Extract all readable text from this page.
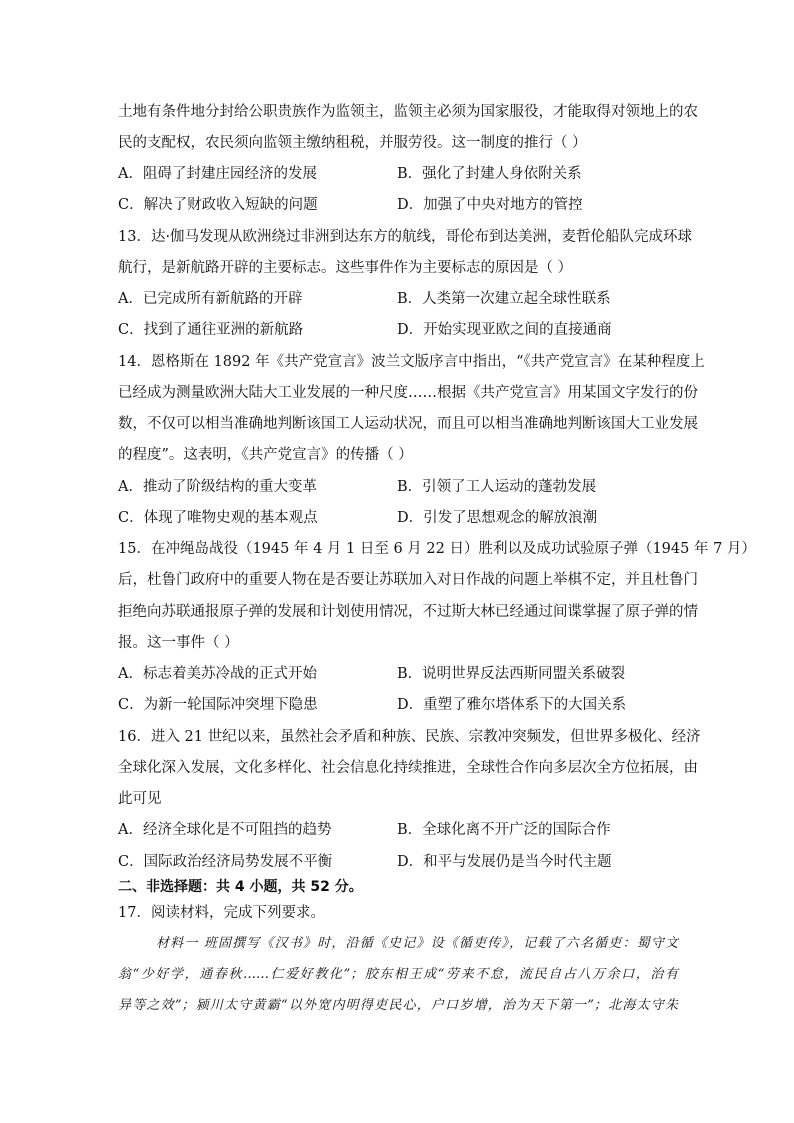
土地有条件地分封给公职贵族作为监领主，监领主必须为国家服役，才能取得对领地上的农
民的支配权，农民须向监领主缴纳租税，并服劳役。这一制度的推行（ ）
A．阻碍了封建庄园经济的发展	B．强化了封建人身依附关系
C．解决了财政收入短缺的问题	D．加强了中央对地方的管控
13．达·伽马发现从欧洲绕过非洲到达东方的航线，哥伦布到达美洲，麦哲伦船队完成环球
航行，是新航路开辟的主要标志。这些事件作为主要标志的原因是（ ）
A．已完成所有新航路的开辟	B．人类第一次建立起全球性联系
C．找到了通往亚洲的新航路	D．开始实现亚欧之间的直接通商
14．恩格斯在 1892 年《共产党宣言》波兰文版序言中指出，“《共产党宣言》在某种程度上
已经成为测量欧洲大陆大工业发展的一种尺度……根据《共产党宣言》用某国文字发行的份
数，不仅可以相当准确地判断该国工人运动状况，而且可以相当准确地判断该国大工业发展
的程度”。这表明，《共产党宣言》的传播（ ）
A．推动了阶级结构的重大变革	B．引领了工人运动的蓬勃发展
C．体现了唯物史观的基本观点	D．引发了思想观念的解放浪潮
15．在冲绳岛战役（1945 年 4 月 1 日至 6 月 22 日）胜利以及成功试验原子弹（1945 年 7 月）
后，杜鲁门政府中的重要人物在是否要让苏联加入对日作战的问题上举棋不定，并且杜鲁门
拒绝向苏联通报原子弹的发展和计划使用情况，不过斯大林已经通过间谍掌握了原子弹的情
报。这一事件（ ）
A．标志着美苏冷战的正式开始	B．说明世界反法西斯同盟关系破裂
C．为新一轮国际冲突埋下隐患	D．重塑了雅尔塔体系下的大国关系
16．进入 21 世纪以来，虽然社会矛盾和种族、民族、宗教冲突频发，但世界多极化、经济
全球化深入发展，文化多样化、社会信息化持续推进，全球性合作向多层次全方位拓展，由
此可见
A．经济全球化是不可阻挡的趋势	B．全球化离不开广泛的国际合作
C．国际政治经济局势发展不平衡	D．和平与发展仍是当今时代主题
二、非选择题：共 4 小题，共 52 分。
17．阅读材料，完成下列要求。
材料一 班固撰写《汉书》时，沿循《史记》设《循吏传》，记载了六名循吏：蜀守文
翁“少好学，通春秋……仁爱好教化”；胶东相王成“劳来不怠，流民自占八万余口，治有
异等之效”；颍川太守黄霸“以外宽内明得吏民心，户口岁增，治为天下第一”；北海太守朱
